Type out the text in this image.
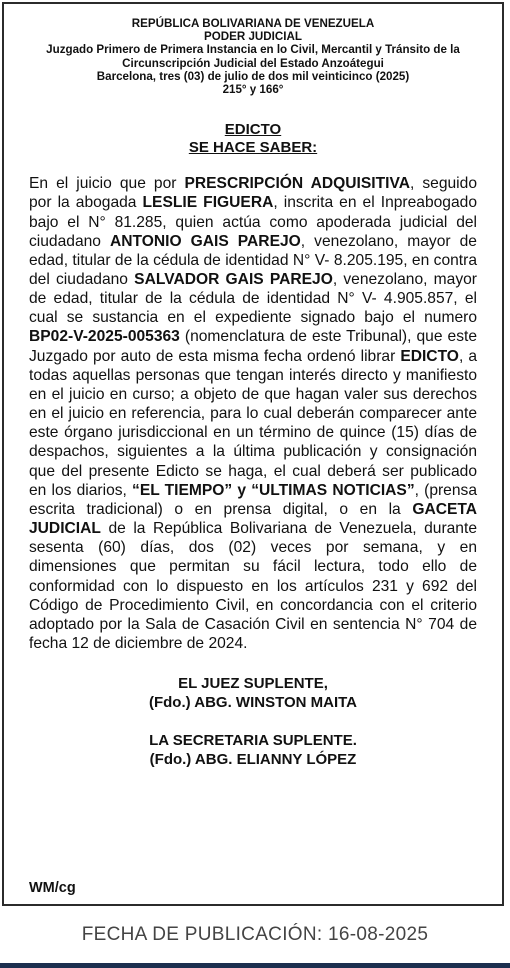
REPÚBLICA BOLIVARIANA DE VENEZUELA
PODER JUDICIAL
Juzgado Primero de Primera Instancia en lo Civil, Mercantil y Tránsito de la
Circunscripción Judicial del Estado Anzoátegui
Barcelona, tres (03) de julio de dos mil veinticinco (2025)
215° y 166°
EDICTO
SE HACE SABER:
En el juicio que por PRESCRIPCIÓN ADQUISITIVA, seguido por la abogada LESLIE FIGUERA, inscrita en el Inpreabogado bajo el N° 81.285, quien actúa como apoderada judicial del ciudadano ANTONIO GAIS PAREJO, venezolano, mayor de edad, titular de la cédula de identidad N° V- 8.205.195, en contra del ciudadano SALVADOR GAIS PAREJO, venezolano, mayor de edad, titular de la cédula de identidad N° V- 4.905.857, el cual se sustancia en el expediente signado bajo el numero BP02-V-2025-005363 (nomenclatura de este Tribunal), que este Juzgado por auto de esta misma fecha ordenó librar EDICTO, a todas aquellas personas que tengan interés directo y manifiesto en el juicio en curso; a objeto de que hagan valer sus derechos en el juicio en referencia, para lo cual deberán comparecer ante este órgano jurisdiccional en un término de quince (15) días de despachos, siguientes a la última publicación y consignación que del presente Edicto se haga, el cual deberá ser publicado en los diarios, “EL TIEMPO” y “ULTIMAS NOTICIAS”, (prensa escrita tradicional) o en prensa digital, o en la GACETA JUDICIAL de la República Bolivariana de Venezuela, durante sesenta (60) días, dos (02) veces por semana, y en dimensiones que permitan su fácil lectura, todo ello de conformidad con lo dispuesto en los artículos 231 y 692 del Código de Procedimiento Civil, en concordancia con el criterio adoptado por la Sala de Casación Civil en sentencia N° 704 de fecha 12 de diciembre de 2024.
EL JUEZ SUPLENTE,
(Fdo.) ABG. WINSTON MAITA
LA SECRETARIA SUPLENTE.
(Fdo.) ABG. ELIANNY LÓPEZ
WM/cg
FECHA DE PUBLICACIÓN: 16-08-2025
